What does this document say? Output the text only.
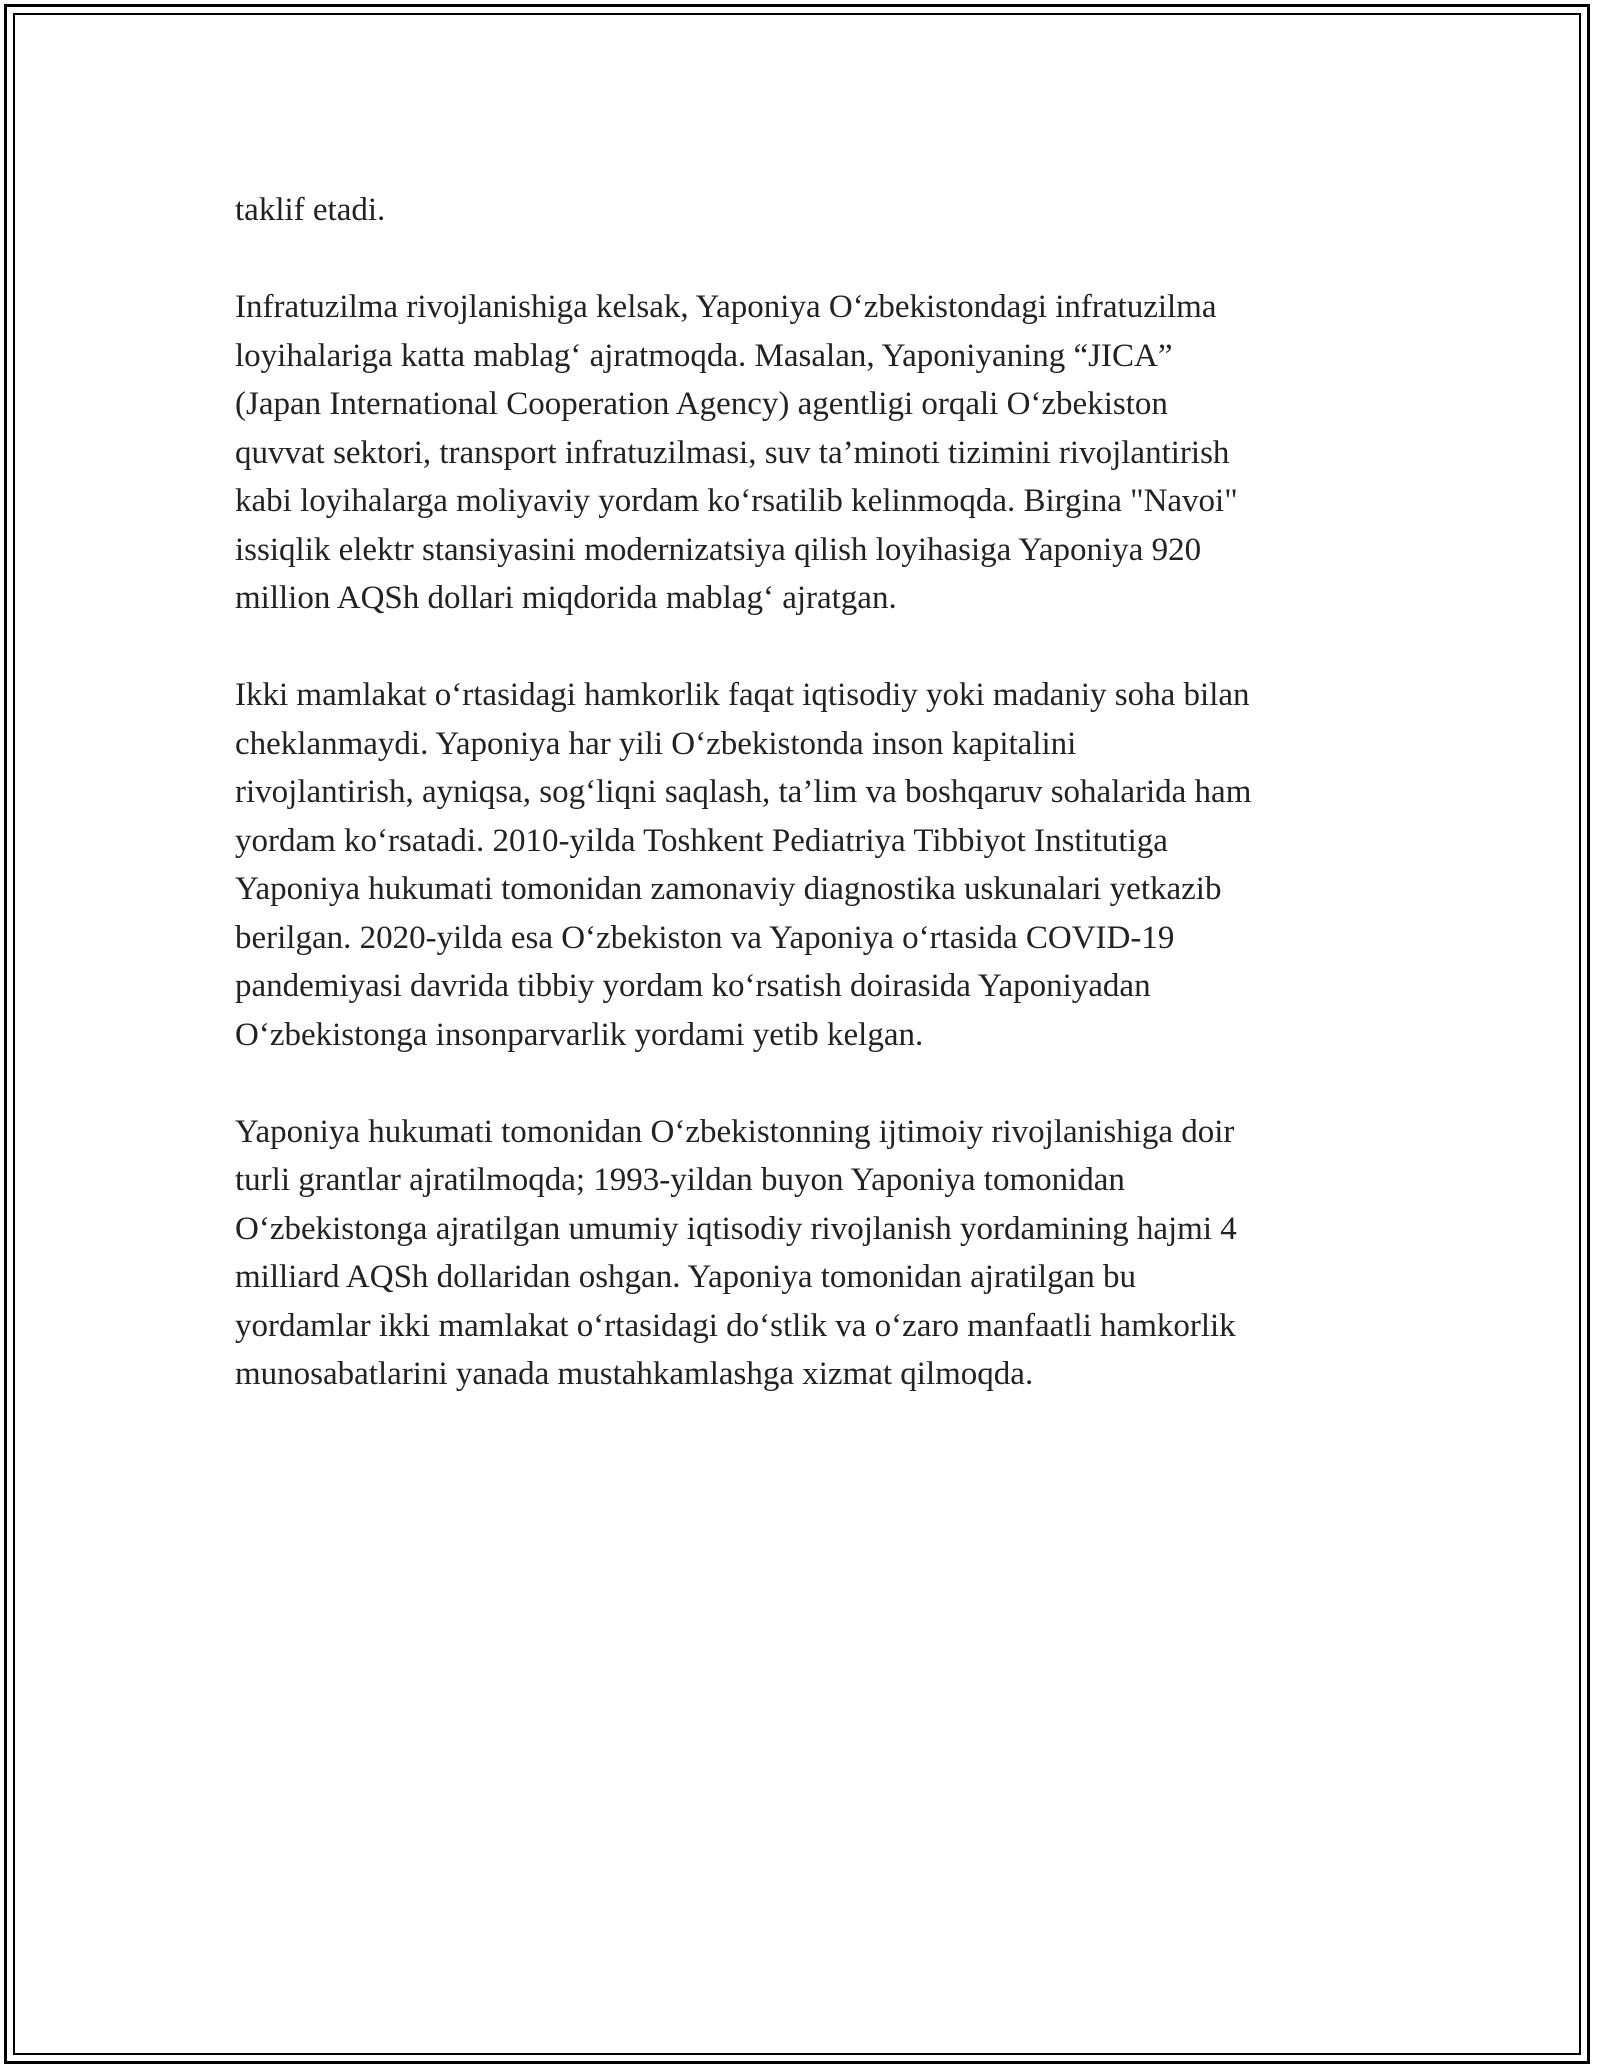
taklif etadi.

Infratuzilma rivojlanishiga kelsak, Yaponiya O‘zbekistondagi infratuzilma
loyihalariga katta mablag‘ ajratmoqda. Masalan, Yaponiyaning “JICA”
(Japan International Cooperation Agency) agentligi orqali O‘zbekiston
quvvat sektori, transport infratuzilmasi, suv ta’minoti tizimini rivojlantirish
kabi loyihalarga moliyaviy yordam ko‘rsatilib kelinmoqda. Birgina "Navoi"
issiqlik elektr stansiyasini modernizatsiya qilish loyihasiga Yaponiya 920
million AQSh dollari miqdorida mablag‘ ajratgan.

Ikki mamlakat o‘rtasidagi hamkorlik faqat iqtisodiy yoki madaniy soha bilan
cheklanmaydi. Yaponiya har yili O‘zbekistonda inson kapitalini
rivojlantirish, ayniqsa, sog‘liqni saqlash, ta’lim va boshqaruv sohalarida ham
yordam ko‘rsatadi. 2010-yilda Toshkent Pediatriya Tibbiyot Institutiga
Yaponiya hukumati tomonidan zamonaviy diagnostika uskunalari yetkazib
berilgan. 2020-yilda esa O‘zbekiston va Yaponiya o‘rtasida COVID-19
pandemiyasi davrida tibbiy yordam ko‘rsatish doirasida Yaponiyadan
O‘zbekistonga insonparvarlik yordami yetib kelgan.

Yaponiya hukumati tomonidan O‘zbekistonning ijtimoiy rivojlanishiga doir
turli grantlar ajratilmoqda; 1993-yildan buyon Yaponiya tomonidan
O‘zbekistonga ajratilgan umumiy iqtisodiy rivojlanish yordamining hajmi 4
milliard AQSh dollaridan oshgan. Yaponiya tomonidan ajratilgan bu
yordamlar ikki mamlakat o‘rtasidagi do‘stlik va o‘zaro manfaatli hamkorlik
munosabatlarini yanada mustahkamlashga xizmat qilmoqda.
